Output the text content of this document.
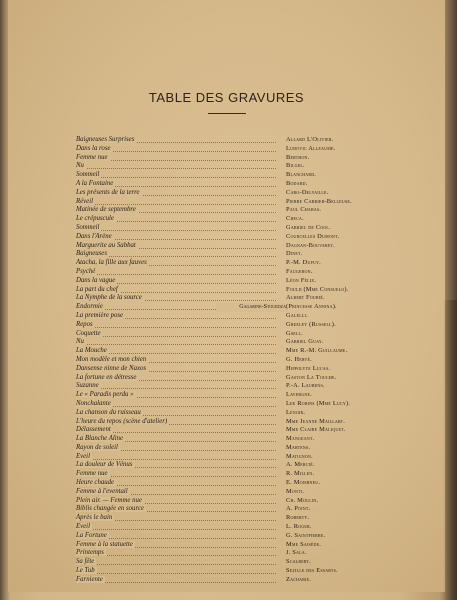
TABLE DES GRAVURES
Baigneuses Surprises	Allard L'Olivier.
Dans la rose	Ludovic Alleaume.
Femme nue	Berthon.
Nu	Bilgel.
Sommeil	Blanchard.
A la Fontaine	Bodard.
Les présents de la terre	Caro-Delvaille.
Réveil	Pierre Carrier-Belleuse.
Matinée de septembre	Paul Chabas.
Le crépuscule	Checa.
Sommeil	Gabriel de Cool.
Dans l'Arène	Courcelles Dumont.
Marguerite au Sabbat	Dagnan-Bouveret.
Baigneuses	Dinet.
Atacha, la fille aux fauves	P.-M. Dupuy.
Psyché	Faugeron.
Dans la vague	Léon Félix.
La part du chef	Fould (Mme Consuelo).
La Nymphe de la source	Albert Fourié.
Endormie	Gagarine-Stourdza (Princesse Annina).
La première pose	Galelli.
Repos	Greeley (Russell).
Coquette	Gsell.
Nu	Gabriel Guay.
La Mouche	Mme R.-M. Guillaume.
Mon modèle et mon chien	G. Hervé.
Dansense ninne de Naxos	Hippolyte Lucas.
La fortune en détresse	Gaston La Touche.
Suzanne	P.-A. Laurens.
Le « Paradis perdu »	Lavergne.
Nonchalante	Lee Robins (Mme Lucy).
La chanson du ruisseau	Lenoir.
L'heure du repos (scène d'atelier)	Mme Jeanne Maillart.
Délassement	Mme Claire Maliquet.
La Blanche Aline	Mangeant.
Rayon de soleil	Martens.
Eveil	Matignon.
La douleur de Vénus	A. Mercié.
Femme nue	R. Millen.
Heure chaude	E. Moisbneu.
Femme à l'eventail	Monti.
Plein air. — Femme nue	Ch. Moulin.
Biblis changée en source	A. Point.
Après le bain	Roberty.
Eveil	L. Roger.
La Fortune	G. Saintpierre.
Femme à la statuette	Mme Saisède.
Printemps	J. Sala.
Sa fête	Scalbert.
Le Tub	Sezille des Essarts.
Farniente	Zacharie.
